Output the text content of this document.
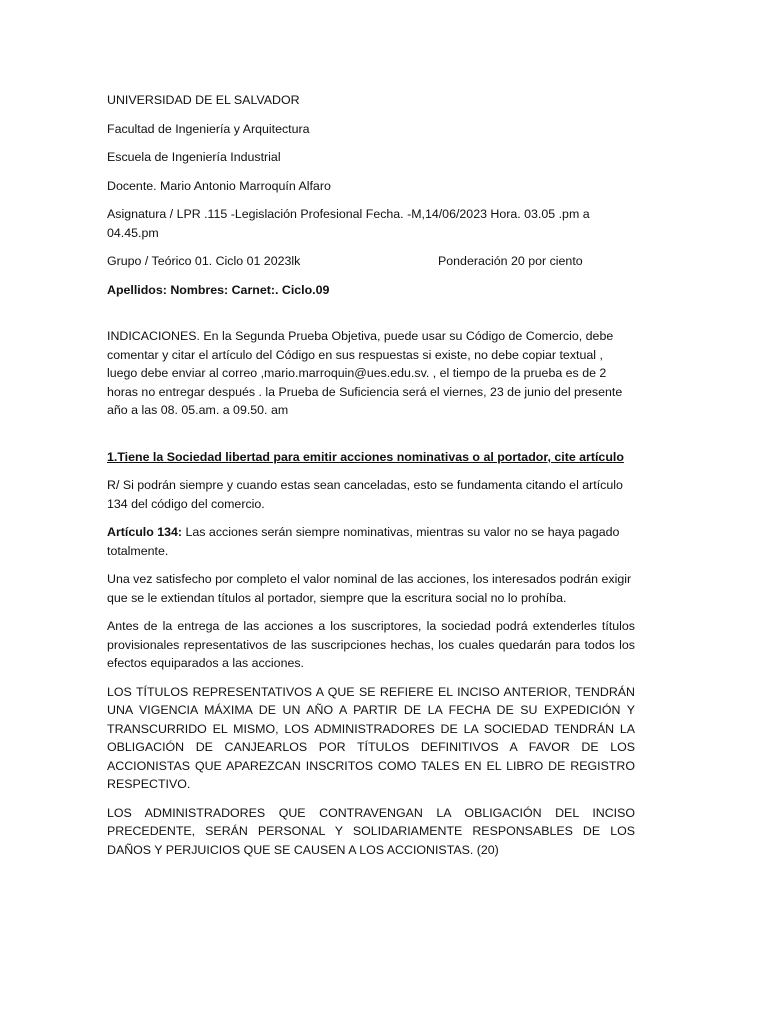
UNIVERSIDAD DE EL SALVADOR
Facultad de Ingeniería y Arquitectura
Escuela de Ingeniería Industrial
Docente. Mario Antonio Marroquín Alfaro
Asignatura / LPR .115 -Legislación Profesional Fecha. -M,14/06/2023 Hora. 03.05 .pm a 04.45.pm
Grupo / Teórico 01. Ciclo 01 2023lk	Ponderación 20 por ciento
Apellidos: Nombres: Carnet:. Ciclo.09
INDICACIONES. En la Segunda Prueba Objetiva, puede usar su Código de Comercio, debe comentar y citar el artículo del Código en sus respuestas si existe, no debe copiar textual , luego debe enviar al correo ,mario.marroquin@ues.edu.sv. , el tiempo de la prueba es de 2 horas no entregar después . la Prueba de Suficiencia será el viernes, 23 de junio del presente año a las 08. 05.am. a 09.50. am
1.Tiene la Sociedad libertad para emitir acciones nominativas o al portador, cite artículo
R/ Si podrán siempre y cuando estas sean canceladas, esto se fundamenta citando el artículo 134 del código del comercio.
Artículo 134: Las acciones serán siempre nominativas, mientras su valor no se haya pagado totalmente.
Una vez satisfecho por completo el valor nominal de las acciones, los interesados podrán exigir que se le extiendan títulos al portador, siempre que la escritura social no lo prohíba.
Antes de la entrega de las acciones a los suscriptores, la sociedad podrá extenderles títulos provisionales representativos de las suscripciones hechas, los cuales quedarán para todos los efectos equiparados a las acciones.
LOS TÍTULOS REPRESENTATIVOS A QUE SE REFIERE EL INCISO ANTERIOR, TENDRÁN UNA VIGENCIA MÁXIMA DE UN AÑO A PARTIR DE LA FECHA DE SU EXPEDICIÓN Y TRANSCURRIDO EL MISMO, LOS ADMINISTRADORES DE LA SOCIEDAD TENDRÁN LA OBLIGACIÓN DE CANJEARLOS POR TÍTULOS DEFINITIVOS A FAVOR DE LOS ACCIONISTAS QUE APAREZCAN INSCRITOS COMO TALES EN EL LIBRO DE REGISTRO RESPECTIVO.
LOS ADMINISTRADORES QUE CONTRAVENGAN LA OBLIGACIÓN DEL INCISO PRECEDENTE, SERÁN PERSONAL Y SOLIDARIAMENTE RESPONSABLES DE LOS DAÑOS Y PERJUICIOS QUE SE CAUSEN A LOS ACCIONISTAS. (20)
